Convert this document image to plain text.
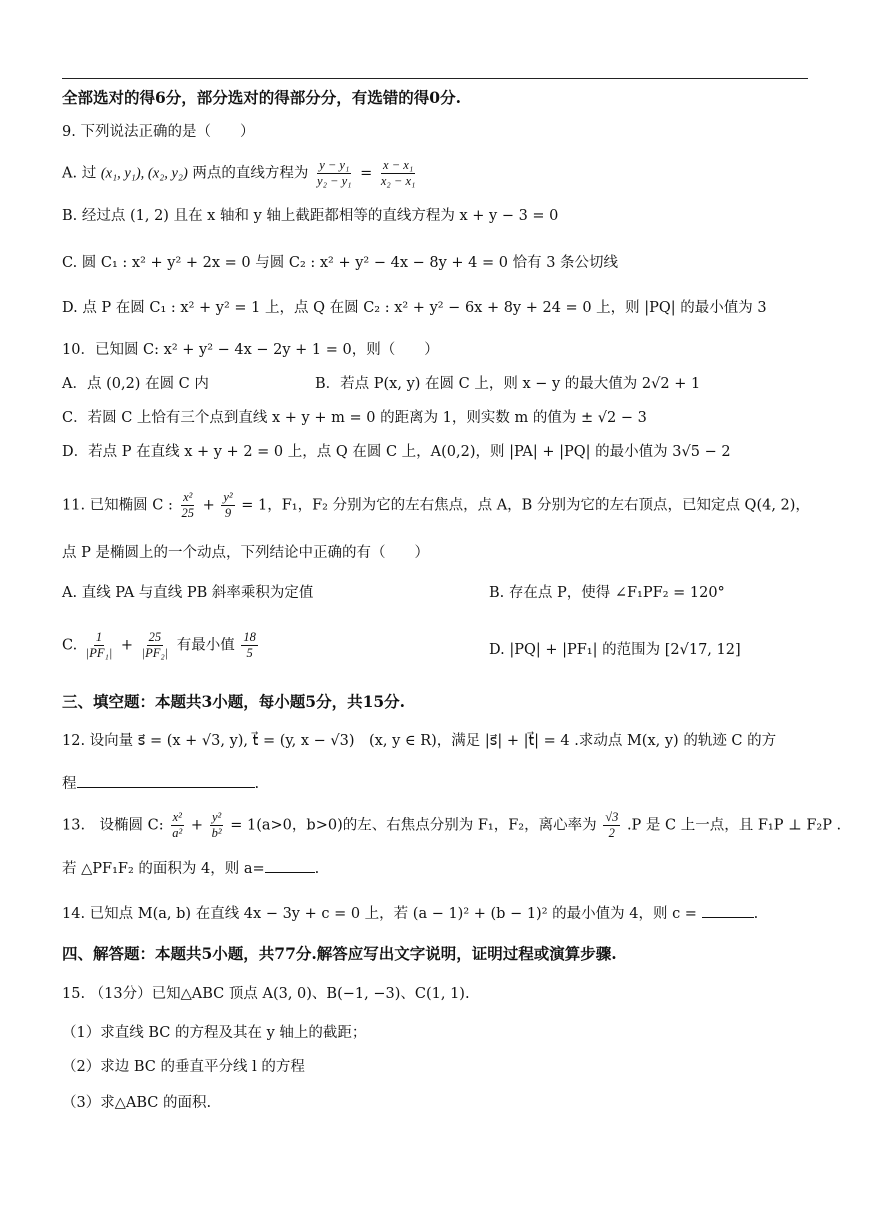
全部选对的得6分，部分选对的得部分分，有选错的得0分.
9. 下列说法正确的是（　　）
A. 过 (x₁, y₁), (x₂, y₂) 两点的直线方程为 $\frac{\text{y − y₁}}{\text{y₂ − y₁}} = \frac{\text{x − x₁}}{\text{x₂ − x₁}}$
B. 经过点 (1, 2) 且在 x 轴和 y 轴上截距都相等的直线方程为 x + y − 3 = 0
C. 圆 C₁ : x² + y² + 2x = 0 与圆 C₂ : x² + y² − 4x − 8y + 4 = 0 恰有 3 条公切线
D. 点 P 在圆 C₁ : x² + y² = 1 上，点 Q 在圆 C₂ : x² + y² − 6x + 8y + 24 = 0 上，则 |PQ| 的最小值为 3
10．已知圆 C: x² + y² − 4x − 2y + 1 = 0，则（　　）
A．点 (0,2) 在圆 C 内	B．若点 P(x, y) 在圆 C 上，则 x − y 的最大值为 2√2 + 1
C．若圆 C 上恰有三个点到直线 x + y + m = 0 的距离为 1，则实数 m 的值为 ± √2 − 3
D．若点 P 在直线 x + y + 2 = 0 上，点 Q 在圆 C 上，A(0,2)，则 |PA| + |PQ| 的最小值为 3√5 − 2
11. 已知椭圆 C : $\frac{\text{x²}}{25} + \frac{\text{y²}}{9} = 1$，F₁，F₂ 分别为它的左右焦点，点 A，B 分别为它的左右顶点，已知定点 Q(4, 2)，
点 P 是椭圆上的一个动点，下列结论中正确的有（　　）
A. 直线 PA 与直线 PB 斜率乘积为定值	B. 存在点 P，使得 ∠F₁PF₂ = 120°
C. $\frac{1}{\text{|PF₁|}} + \frac{25}{\text{|PF₂|}}$ 有最小值 $\frac{18}{5}$	D. |PQ| + |PF₁| 的范围为 [2√17, 12]
三、填空题：本题共3小题，每小题5分，共15分.
12. 设向量 s⃗ = (x + √3, y), t⃗ = (y, x − √3)　(x, y ∈ R)，满足 |s⃗| + |t⃗| = 4 .求动点 M(x, y) 的轨迹 C 的方
程	.
13.　设椭圆 C: $\frac{\text{x²}}{\text{a²}} + \frac{\text{y²}}{\text{b²}} = 1(a>0$，b>0)的左、右焦点分别为 F₁，F₂，离心率为 $\frac{√3}{2} .P$ 是 C 上一点，且 F₁P ⊥ F₂P .
若 △PF₁F₂ 的面积为 4，则 a=	.
14. 已知点 M(a, b) 在直线 4x − 3y + c = 0 上，若 (a − 1)² + (b − 1)² 的最小值为 4，则 c =	.
四、解答题：本题共5小题，共77分.解答应写出文字说明，证明过程或演算步骤.
15. （13分）已知△ABC 顶点 A(3, 0)、B(−1, −3)、C(1, 1).
（1）求直线 BC 的方程及其在 y 轴上的截距；
（2）求边 BC 的垂直平分线 l 的方程
（3）求△ABC 的面积.
